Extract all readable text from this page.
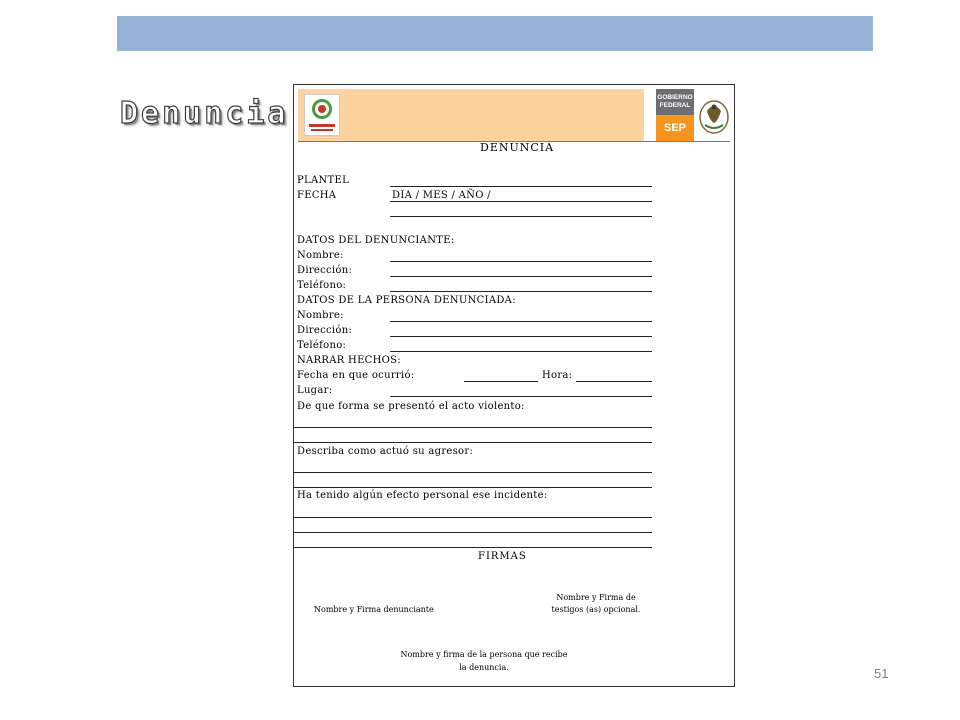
Denuncia
51
GOBIERNO
FEDERAL
SEP
DENUNCIA
PLANTEL
FECHA	DIA / MES / AÑO /
DATOS DEL DENUNCIANTE:
Nombre:
Dirección:
Teléfono:
DATOS DE LA PERSONA DENUNCIADA:
Nombre:
Dirección:
Teléfono:
NARRAR HECHOS:
Fecha en que ocurrió:	Hora:
Lugar:
De que forma se presentó el acto violento:
Describa como actuó su agresor:
Ha tenido algún efecto personal ese incidente:
FIRMAS
Nombre y Firma denunciante
Nombre y Firma de
testigos (as) opcional.
Nombre y firma de la persona que recibe
la denuncia.
